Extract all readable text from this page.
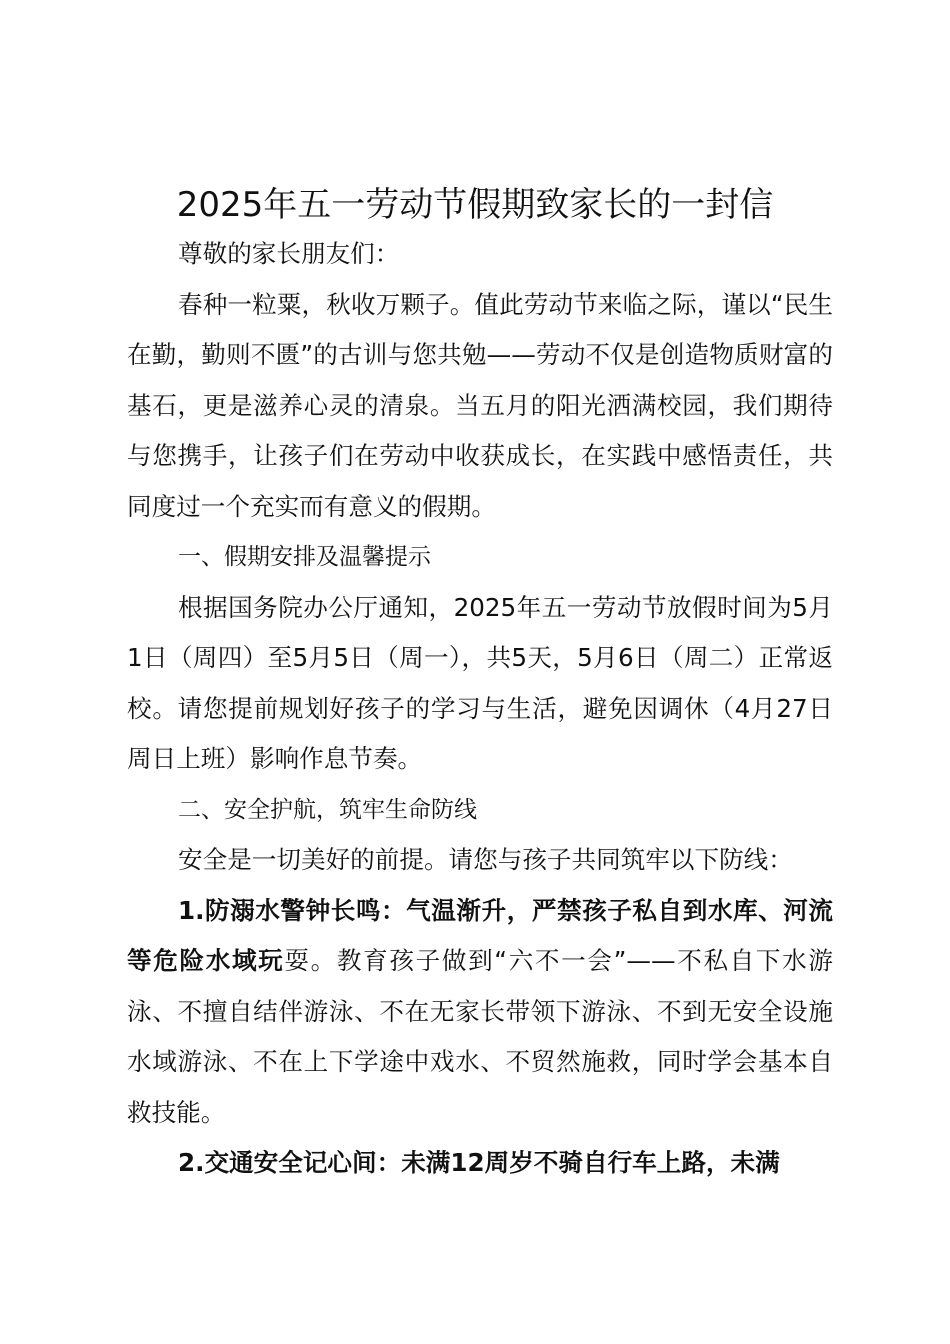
2025年五一劳动节假期致家长的一封信

尊敬的家长朋友们：

春种一粒粟，秋收万颗子。值此劳动节来临之际，谨以“民生在勤，勤则不匮”的古训与您共勉——劳动不仅是创造物质财富的基石，更是滋养心灵的清泉。当五月的阳光洒满校园，我们期待与您携手，让孩子们在劳动中收获成长，在实践中感悟责任，共同度过一个充实而有意义的假期。

一、假期安排及温馨提示

根据国务院办公厅通知，2025年五一劳动节放假时间为5月1日（周四）至5月5日（周一），共5天，5月6日（周二）正常返校。请您提前规划好孩子的学习与生活，避免因调休（4月27日周日上班）影响作息节奏。

二、安全护航，筑牢生命防线

安全是一切美好的前提。请您与孩子共同筑牢以下防线：

1.防溺水警钟长鸣：气温渐升，严禁孩子私自到水库、河流等危险水域玩耍。教育孩子做到“六不一会”——不私自下水游泳、不擅自结伴游泳、不在无家长带领下游泳、不到无安全设施水域游泳、不在上下学途中戏水、不贸然施救，同时学会基本自救技能。

2.交通安全记心间：未满12周岁不骑自行车上路，未满
